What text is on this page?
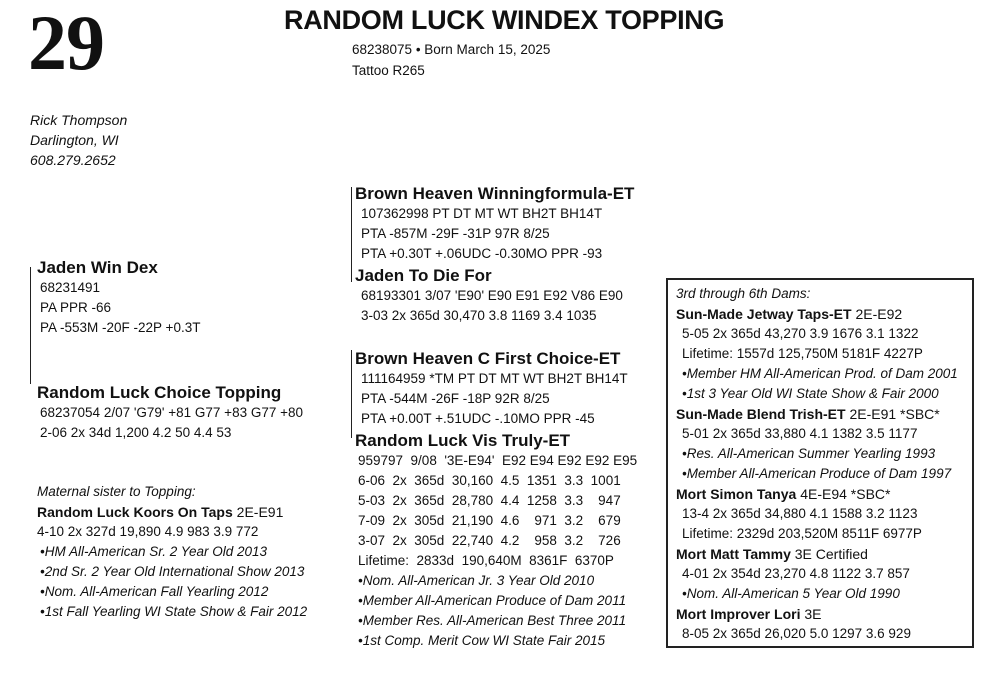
29	RANDOM LUCK WINDEX TOPPING
68238075 • Born March 15, 2025
Tattoo R265
Rick Thompson
Darlington, WI
608.279.2652
Brown Heaven Winningformula-ET
107362998 PT DT MT WT BH2T BH14T
PTA -857M -29F -31P 97R 8/25
PTA +0.30T +.06UDC -0.30MO PPR -93
Jaden To Die For
68193301 3/07 'E90' E90 E91 E92 V86 E90
3-03 2x 365d 30,470 3.8 1169 3.4 1035
Jaden Win Dex
68231491
PA PPR -66
PA -553M -20F -22P +0.3T
Random Luck Choice Topping
68237054 2/07 'G79' +81 G77 +83 G77 +80
2-06 2x 34d 1,200 4.2 50 4.4 53
Brown Heaven C First Choice-ET
111164959 *TM PT DT MT WT BH2T BH14T
PTA -544M -26F -18P 92R 8/25
PTA +0.00T +.51UDC -.10MO PPR -45
Random Luck Vis Truly-ET
959797  9/08  '3E-E94'  E92 E94 E92 E92 E95
6-06  2x  365d  30,160  4.5  1351  3.3  1001
5-03  2x  365d  28,780  4.4  1258  3.3    947
7-09  2x  305d  21,190  4.6    971  3.2    679
3-07  2x  305d  22,740  4.2    958  3.2    726
Lifetime:  2833d  190,640M  8361F  6370P
•Nom. All-American Jr. 3 Year Old 2010
•Member All-American Produce of Dam 2011
•Member Res. All-American Best Three 2011
•1st Comp. Merit Cow WI State Fair 2015
Maternal sister to Topping:
Random Luck Koors On Taps 2E-E91
4-10 2x 327d 19,890 4.9 983 3.9 772
•HM All-American Sr. 2 Year Old 2013
•2nd Sr. 2 Year Old International Show 2013
•Nom. All-American Fall Yearling 2012
•1st Fall Yearling WI State Show & Fair 2012
3rd through 6th Dams:
Sun-Made Jetway Taps-ET 2E-E92
5-05 2x 365d 43,270 3.9 1676 3.1 1322
Lifetime: 1557d 125,750M 5181F 4227P
•Member HM All-American Prod. of Dam 2001
•1st 3 Year Old WI State Show & Fair 2000
Sun-Made Blend Trish-ET 2E-E91 *SBC*
5-01 2x 365d 33,880 4.1 1382 3.5 1177
•Res. All-American Summer Yearling 1993
•Member All-American Produce of Dam 1997
Mort Simon Tanya 4E-E94 *SBC*
13-4 2x 365d 34,880 4.1 1588 3.2 1123
Lifetime: 2329d 203,520M 8511F 6977P
Mort Matt Tammy 3E Certified
4-01 2x 354d 23,270 4.8 1122 3.7 857
•Nom. All-American 5 Year Old 1990
Mort Improver Lori 3E
8-05 2x 365d 26,020 5.0 1297 3.6 929
